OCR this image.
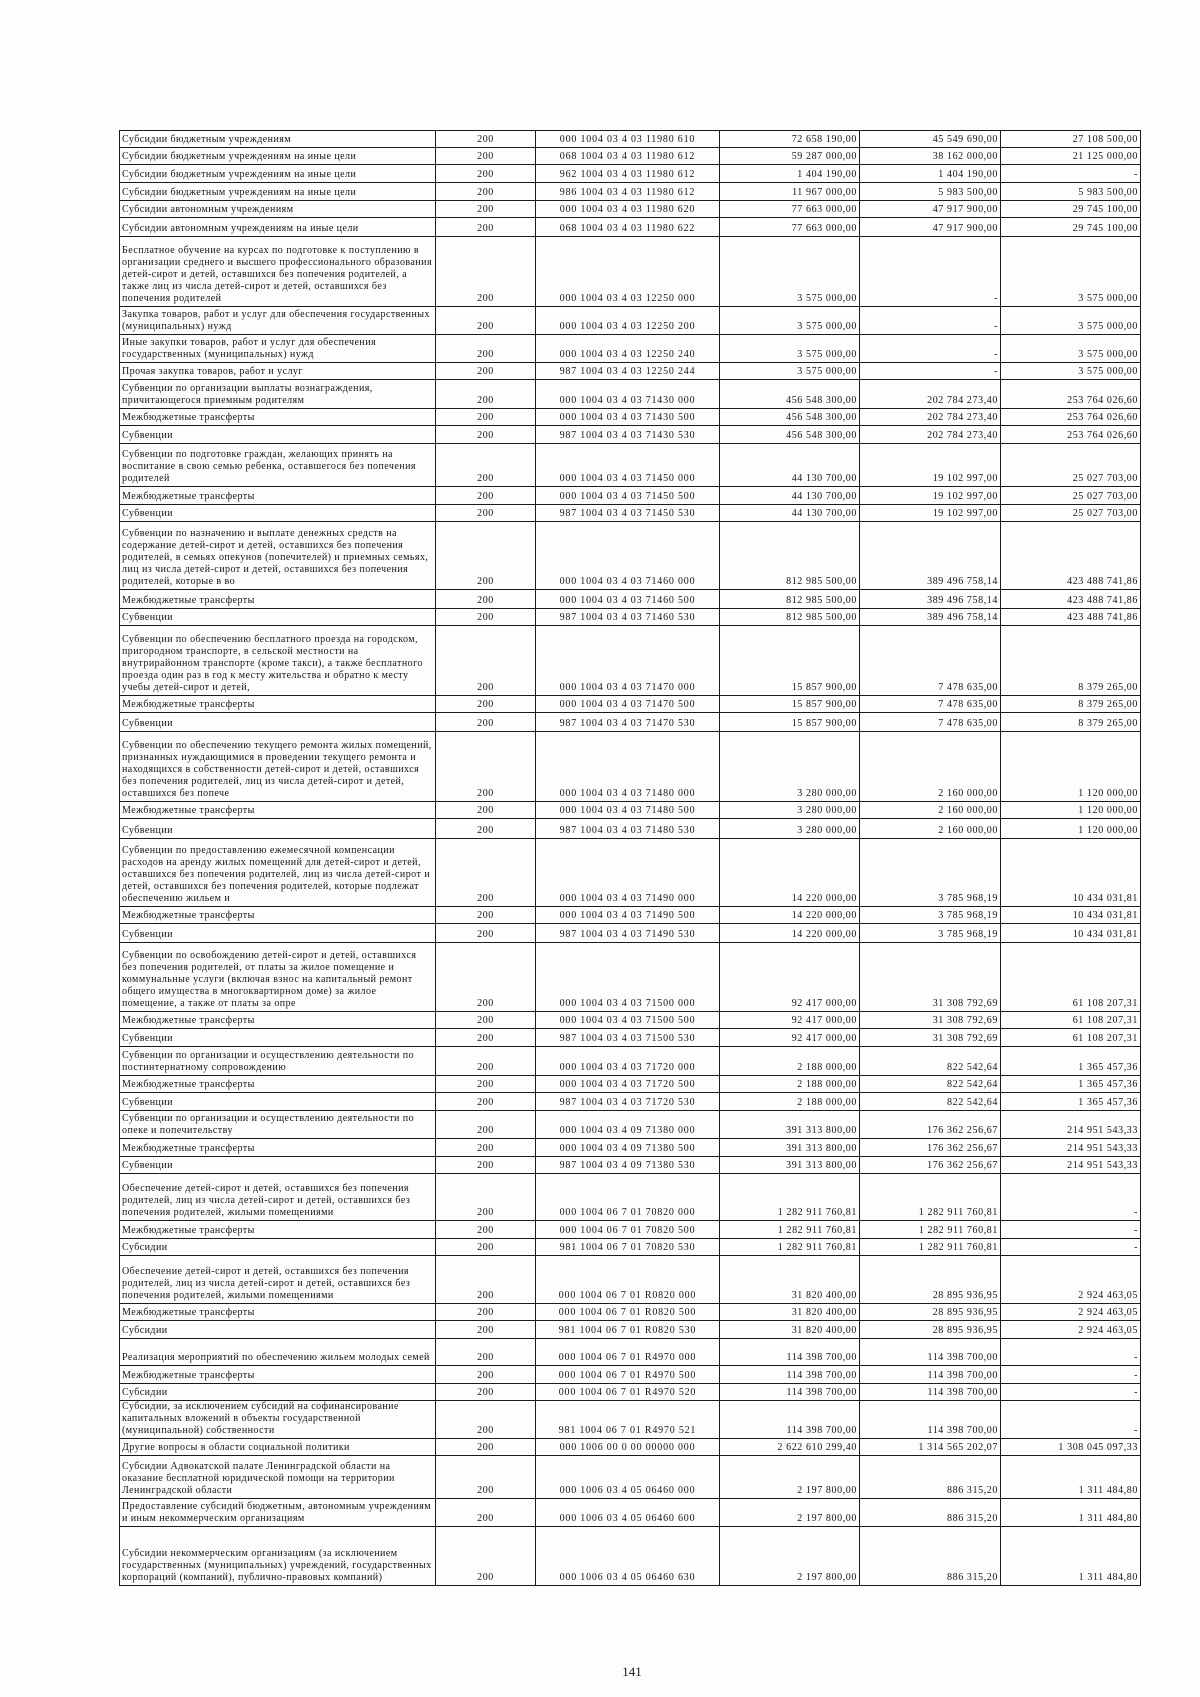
Субсидии бюджетным учреждениям	200	000 1004 03 4 03 11980 610	72 658 190,00	45 549 690,00	27 108 500,00
Субсидии бюджетным учреждениям на иные цели	200	068 1004 03 4 03 11980 612	59 287 000,00	38 162 000,00	21 125 000,00
Субсидии бюджетным учреждениям на иные цели	200	962 1004 03 4 03 11980 612	1 404 190,00	1 404 190,00	-
Субсидии бюджетным учреждениям на иные цели	200	986 1004 03 4 03 11980 612	11 967 000,00	5 983 500,00	5 983 500,00
Субсидии автономным учреждениям	200	000 1004 03 4 03 11980 620	77 663 000,00	47 917 900,00	29 745 100,00
Субсидии автономным учреждениям на иные цели	200	068 1004 03 4 03 11980 622	77 663 000,00	47 917 900,00	29 745 100,00
Бесплатное обучение на курсах по подготовке к поступлению в организации среднего и высшего профессионального образования детей-сирот и детей, оставшихся без попечения родителей, а также лиц из числа детей-сирот и детей, оставшихся без попечения родителей	200	000 1004 03 4 03 12250 000	3 575 000,00	-	3 575 000,00
Закупка товаров, работ и услуг для обеспечения государственных (муниципальных) нужд	200	000 1004 03 4 03 12250 200	3 575 000,00	-	3 575 000,00
Иные закупки товаров, работ и услуг для обеспечения государственных (муниципальных) нужд	200	000 1004 03 4 03 12250 240	3 575 000,00	-	3 575 000,00
Прочая закупка товаров, работ и услуг	200	987 1004 03 4 03 12250 244	3 575 000,00	-	3 575 000,00
Субвенции по организации выплаты вознаграждения, причитающегося приемным родителям	200	000 1004 03 4 03 71430 000	456 548 300,00	202 784 273,40	253 764 026,60
Межбюджетные трансферты	200	000 1004 03 4 03 71430 500	456 548 300,00	202 784 273,40	253 764 026,60
Субвенции	200	987 1004 03 4 03 71430 530	456 548 300,00	202 784 273,40	253 764 026,60
Субвенции по подготовке граждан, желающих принять на воспитание в свою семью ребенка, оставшегося без попечения родителей	200	000 1004 03 4 03 71450 000	44 130 700,00	19 102 997,00	25 027 703,00
Межбюджетные трансферты	200	000 1004 03 4 03 71450 500	44 130 700,00	19 102 997,00	25 027 703,00
Субвенции	200	987 1004 03 4 03 71450 530	44 130 700,00	19 102 997,00	25 027 703,00
Субвенции по назначению и выплате денежных средств на содержание детей-сирот и детей, оставшихся без попечения родителей, в семьях опекунов (попечителей) и приемных семьях, лиц из числа детей-сирот и детей, оставшихся без попечения родителей, которые в во	200	000 1004 03 4 03 71460 000	812 985 500,00	389 496 758,14	423 488 741,86
Межбюджетные трансферты	200	000 1004 03 4 03 71460 500	812 985 500,00	389 496 758,14	423 488 741,86
Субвенции	200	987 1004 03 4 03 71460 530	812 985 500,00	389 496 758,14	423 488 741,86
Субвенции по обеспечению бесплатного проезда на городском, пригородном транспорте, в сельской местности на внутрирайонном транспорте (кроме такси), а также бесплатного проезда один раз в год к месту жительства и обратно к месту учебы детей-сирот и детей,	200	000 1004 03 4 03 71470 000	15 857 900,00	7 478 635,00	8 379 265,00
Межбюджетные трансферты	200	000 1004 03 4 03 71470 500	15 857 900,00	7 478 635,00	8 379 265,00
Субвенции	200	987 1004 03 4 03 71470 530	15 857 900,00	7 478 635,00	8 379 265,00
Субвенции по обеспечению текущего ремонта жилых помещений, признанных нуждающимися в проведении текущего ремонта и находящихся в собственности детей-сирот и детей, оставшихся без попечения родителей, лиц из числа детей-сирот и детей, оставшихся без попече	200	000 1004 03 4 03 71480 000	3 280 000,00	2 160 000,00	1 120 000,00
Межбюджетные трансферты	200	000 1004 03 4 03 71480 500	3 280 000,00	2 160 000,00	1 120 000,00
Субвенции	200	987 1004 03 4 03 71480 530	3 280 000,00	2 160 000,00	1 120 000,00
Субвенции по предоставлению ежемесячной компенсации расходов на аренду жилых помещений для детей-сирот и детей, оставшихся без попечения родителей, лиц из числа детей-сирот и детей, оставшихся без попечения родителей, которые подлежат обеспечению жильем и	200	000 1004 03 4 03 71490 000	14 220 000,00	3 785 968,19	10 434 031,81
Межбюджетные трансферты	200	000 1004 03 4 03 71490 500	14 220 000,00	3 785 968,19	10 434 031,81
Субвенции	200	987 1004 03 4 03 71490 530	14 220 000,00	3 785 968,19	10 434 031,81
Субвенции по освобождению детей-сирот и детей, оставшихся без попечения родителей, от платы за жилое помещение и коммунальные услуги (включая взнос на капитальный ремонт общего имущества в многоквартирном доме) за жилое помещение, а также от платы за опре	200	000 1004 03 4 03 71500 000	92 417 000,00	31 308 792,69	61 108 207,31
Межбюджетные трансферты	200	000 1004 03 4 03 71500 500	92 417 000,00	31 308 792,69	61 108 207,31
Субвенции	200	987 1004 03 4 03 71500 530	92 417 000,00	31 308 792,69	61 108 207,31
Субвенции по организации и осуществлению деятельности по постинтернатному сопровождению	200	000 1004 03 4 03 71720 000	2 188 000,00	822 542,64	1 365 457,36
Межбюджетные трансферты	200	000 1004 03 4 03 71720 500	2 188 000,00	822 542,64	1 365 457,36
Субвенции	200	987 1004 03 4 03 71720 530	2 188 000,00	822 542,64	1 365 457,36
Субвенции по организации и осуществлению деятельности по опеке и попечительству	200	000 1004 03 4 09 71380 000	391 313 800,00	176 362 256,67	214 951 543,33
Межбюджетные трансферты	200	000 1004 03 4 09 71380 500	391 313 800,00	176 362 256,67	214 951 543,33
Субвенции	200	987 1004 03 4 09 71380 530	391 313 800,00	176 362 256,67	214 951 543,33
Обеспечение детей-сирот и детей, оставшихся без попечения родителей, лиц из числа детей-сирот и детей, оставшихся без попечения родителей, жилыми помещениями	200	000 1004 06 7 01 70820 000	1 282 911 760,81	1 282 911 760,81	-
Межбюджетные трансферты	200	000 1004 06 7 01 70820 500	1 282 911 760,81	1 282 911 760,81	-
Субсидии	200	981 1004 06 7 01 70820 530	1 282 911 760,81	1 282 911 760,81	-
Обеспечение детей-сирот и детей, оставшихся без попечения родителей, лиц из числа детей-сирот и детей, оставшихся без попечения родителей, жилыми помещениями	200	000 1004 06 7 01 R0820 000	31 820 400,00	28 895 936,95	2 924 463,05
Межбюджетные трансферты	200	000 1004 06 7 01 R0820 500	31 820 400,00	28 895 936,95	2 924 463,05
Субсидии	200	981 1004 06 7 01 R0820 530	31 820 400,00	28 895 936,95	2 924 463,05
Реализация мероприятий по обеспечению жильем молодых семей	200	000 1004 06 7 01 R4970 000	114 398 700,00	114 398 700,00	-
Межбюджетные трансферты	200	000 1004 06 7 01 R4970 500	114 398 700,00	114 398 700,00	-
Субсидии	200	000 1004 06 7 01 R4970 520	114 398 700,00	114 398 700,00	-
Субсидии, за исключением субсидий на софинансирование капитальных вложений в объекты государственной (муниципальной) собственности	200	981 1004 06 7 01 R4970 521	114 398 700,00	114 398 700,00	-
Другие вопросы в области социальной политики	200	000 1006 00 0 00 00000 000	2 622 610 299,40	1 314 565 202,07	1 308 045 097,33
Субсидии Адвокатской палате Ленинградской области на оказание бесплатной юридической помощи на территории Ленинградской области	200	000 1006 03 4 05 06460 000	2 197 800,00	886 315,20	1 311 484,80
Предоставление субсидий бюджетным, автономным учреждениям и иным некоммерческим организациям	200	000 1006 03 4 05 06460 600	2 197 800,00	886 315,20	1 311 484,80
Субсидии некоммерческим организациям (за исключением государственных (муниципальных) учреждений, государственных корпораций (компаний), публично-правовых компаний)	200	000 1006 03 4 05 06460 630	2 197 800,00	886 315,20	1 311 484,80
141
